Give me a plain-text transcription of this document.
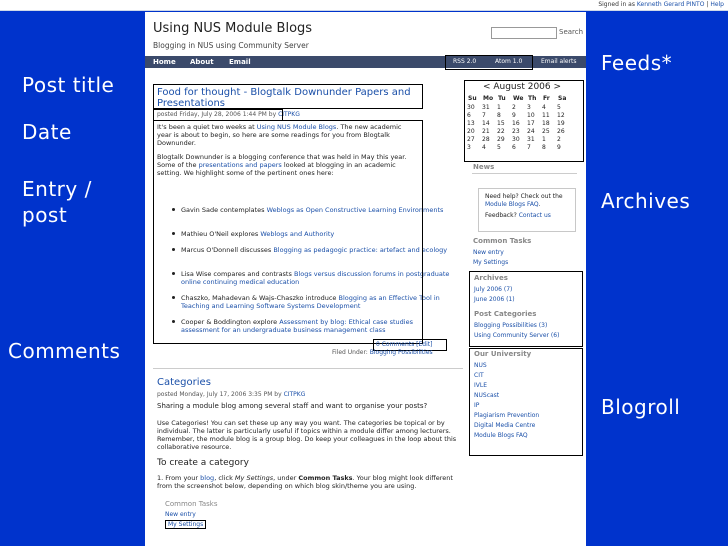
Signed in as Kenneth Gerard PINTO | Help
Post title
Date
Entry /
post
Comments
Feeds*
Archives
Blogroll
Using NUS Module Blogs
Blogging in NUS using Community Server
Search
Home About Email	RSS 2.0	Atom 1.0	Email alerts
Food for thought - Blogtalk Downunder Papers and Presentations
posted Friday, July 28, 2006 1:44 PM by CITPKG
It's been a quiet two weeks at Using NUS Module Blogs. The new academic year is about to begin, so here are some readings for you from Blogtalk Downunder.
Blogtalk Downunder is a blogging conference that was held in May this year. Some of the presentations and papers looked at blogging in an academic setting. We highlight some of the pertinent ones here:
Gavin Sade contemplates Weblogs as Open Constructive Learning Environments
Mathieu O'Neil explores Weblogs and Authority
Marcus O'Donnell discusses Blogging as pedagogic practice: artefact and ecology
Lisa Wise compares and contrasts Blogs versus discussion forums in postgraduate online continuing medical education
Chaszko, Mahadevan & Wajs-Chaszko introduce Blogging as an Effective Tool in Teaching and Learning Software Systems Development
Cooper & Boddington explore Assessment by blog: Ethical case studies assessment for an undergraduate business management class
0 Comments [Edit]
Filed Under: Blogging Possibilities
Categories
posted Monday, July 17, 2006 3:35 PM by CITPKG
Sharing a module blog among several staff and want to organise your posts?
Use Categories! You can set these up any way you want. The categories be topical or by individual. The latter is particularly useful if topics within a module differ among lecturers. Remember, the module blog is a group blog. Do keep your colleagues in the loop about this collaborative resource.
To create a category
1. From your blog, click My Settings, under Common Tasks. Your blog might look different from the screenshot below, depending on which blog skin/theme you are using.
Common Tasks
New entry
My Settings
< August 2006 >
Su	Mo	Tu	We	Th	Fr	Sa
30	31	1	2	3	4	5
6	7	8	9	10	11	12
13	14	15	16	17	18	19
20	21	22	23	24	25	26
27	28	29	30	31	1	2
3	4	5	6	7	8	9
News
Need help? Check out the Module Blogs FAQ.
Feedback? Contact us
Common Tasks
New entry
My Settings
Archives
July 2006 (7)
June 2006 (1)
Post Categories
Blogging Possibilities (3)
Using Community Server (6)
Our University
NUS
CIT
IVLE
NUScast
IP
Plagiarism Prevention
Digital Media Centre
Module Blogs FAQ
